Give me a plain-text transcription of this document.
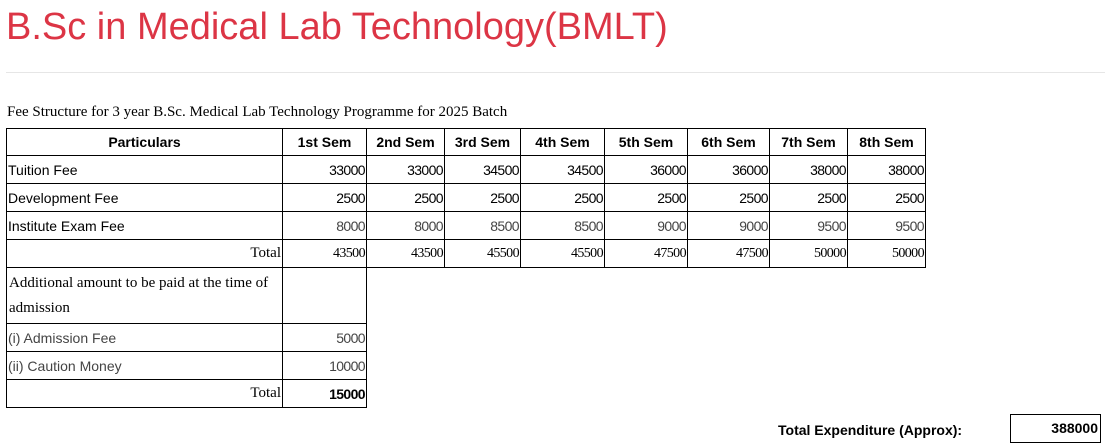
B.Sc in Medical Lab Technology(BMLT)
Fee Structure for 3 year B.Sc. Medical Lab Technology Programme for 2025 Batch
Particulars	1st Sem	2nd Sem	3rd Sem	4th Sem	5th Sem	6th Sem	7th Sem	8th Sem
Tuition Fee	33000	33000	34500	34500	36000	36000	38000	38000
Development Fee	2500	2500	2500	2500	2500	2500	2500	2500
Institute Exam Fee	8000	8000	8500	8500	9000	9000	9500	9500
Total	43500	43500	45500	45500	47500	47500	50000	50000
Additional amount to be paid at the time of admission								
(i) Admission Fee	5000							
(ii) Caution Money	10000							
Total	15000							
Total Expenditure (Approx):	388000
